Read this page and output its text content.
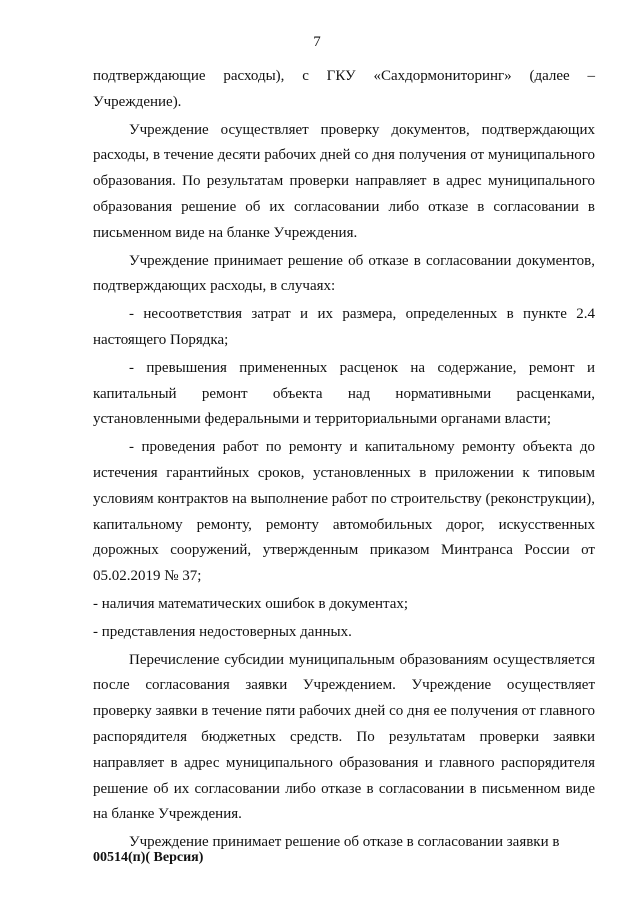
7

подтверждающие расходы), с ГКУ «Сахдормониторинг» (далее – Учреждение).

Учреждение осуществляет проверку документов, подтверждающих расходы, в течение десяти рабочих дней со дня получения от муниципального образования. По результатам проверки направляет в адрес муниципального образования решение об их согласовании либо отказе в согласовании в письменном виде на бланке Учреждения.

Учреждение принимает решение об отказе в согласовании документов, подтверждающих расходы, в случаях:

- несоответствия затрат и их размера, определенных в пункте 2.4 настоящего Порядка;

- превышения примененных расценок на содержание, ремонт и капитальный ремонт объекта над нормативными расценками, установленными федеральными и территориальными органами власти;

- проведения работ по ремонту и капитальному ремонту объекта до истечения гарантийных сроков, установленных в приложении к типовым условиям контрактов на выполнение работ по строительству (реконструкции), капитальному ремонту, ремонту автомобильных дорог, искусственных дорожных сооружений, утвержденным приказом Минтранса России от 05.02.2019 № 37;

- наличия математических ошибок в документах;

- представления недостоверных данных.

Перечисление субсидии муниципальным образованиям осуществляется после согласования заявки Учреждением. Учреждение осуществляет проверку заявки в течение пяти рабочих дней со дня ее получения от главного распорядителя бюджетных средств. По результатам проверки заявки направляет в адрес муниципального образования и главного распорядителя решение об их согласовании либо отказе в согласовании в письменном виде на бланке Учреждения.

Учреждение принимает решение об отказе в согласовании заявки в

00514(п)( Версия)
